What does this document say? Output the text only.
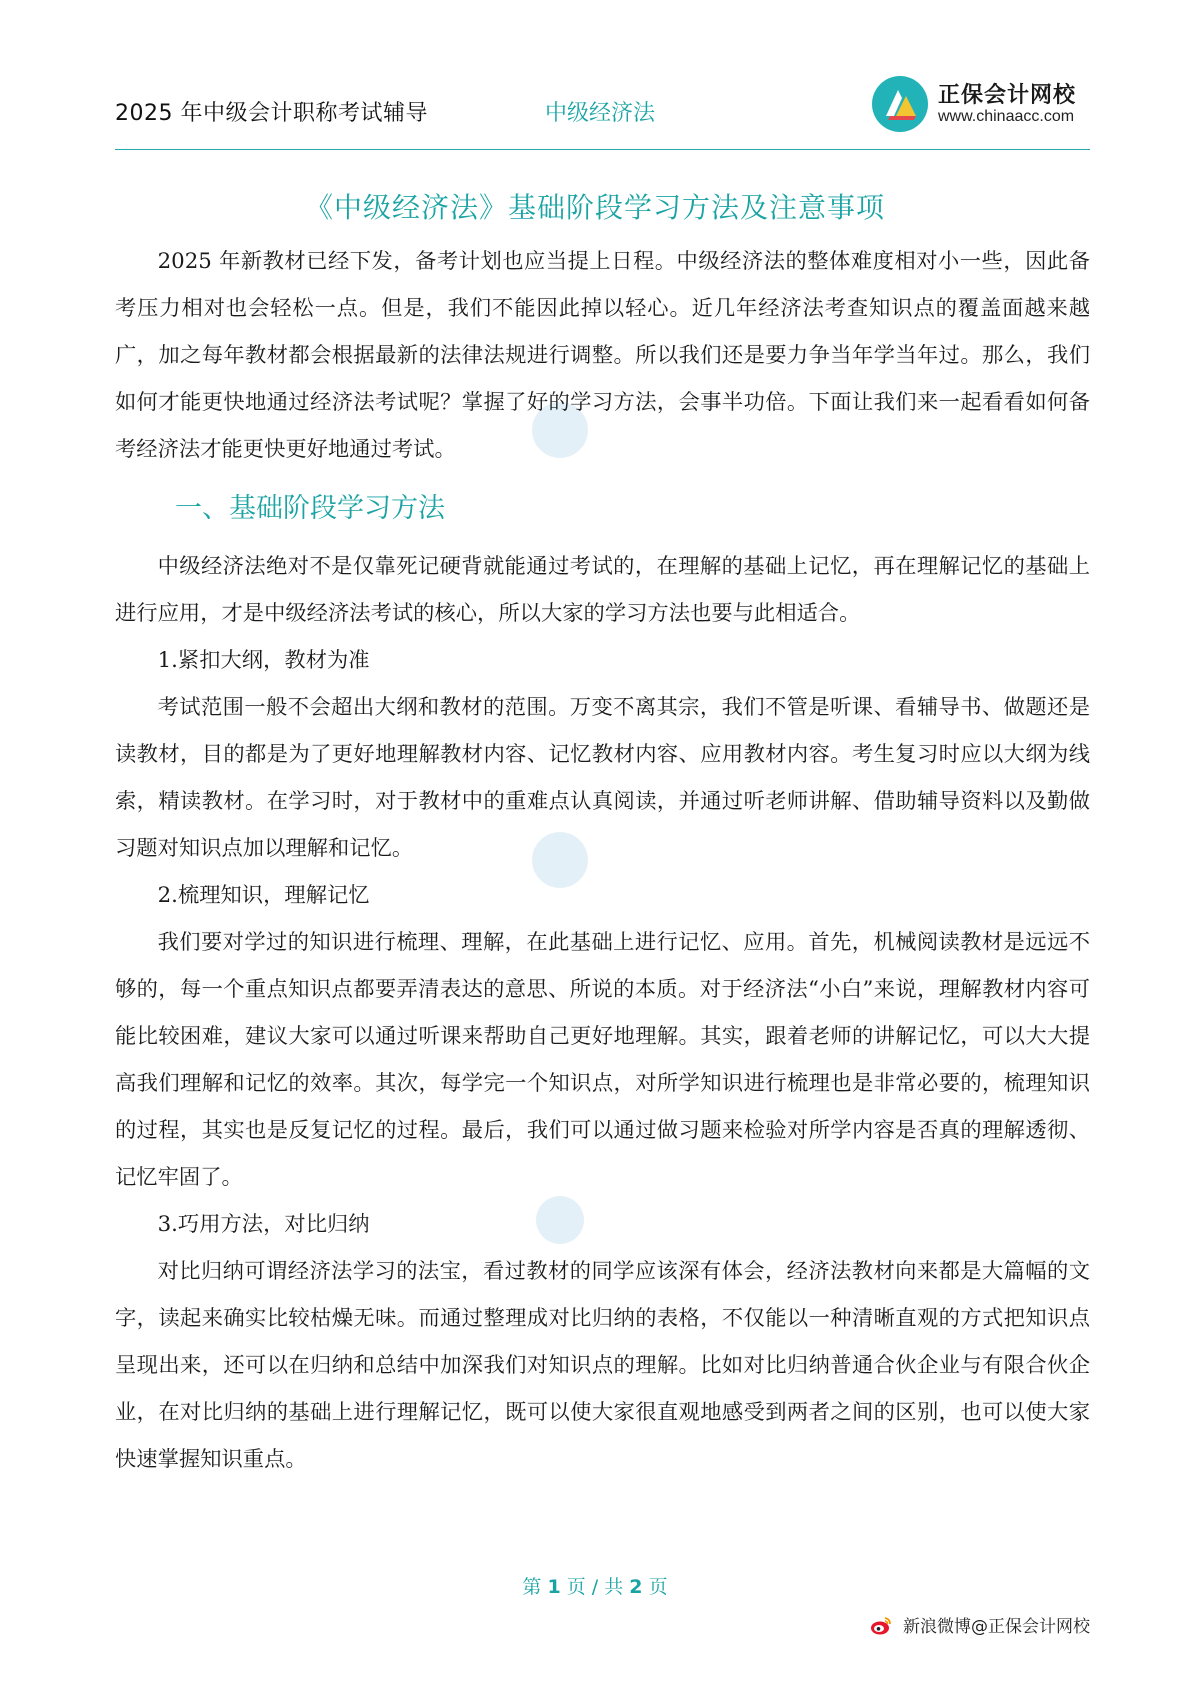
2025 年中级会计职称考试辅导	中级经济法
正保会计网校
www.chinaacc.com
《中级经济法》基础阶段学习方法及注意事项

2025 年新教材已经下发，备考计划也应当提上日程。中级经济法的整体难度相对小一些，因此备考压力相对也会轻松一点。但是，我们不能因此掉以轻心。近几年经济法考查知识点的覆盖面越来越广，加之每年教材都会根据最新的法律法规进行调整。所以我们还是要力争当年学当年过。那么，我们如何才能更快地通过经济法考试呢？掌握了好的学习方法，会事半功倍。下面让我们来一起看看如何备考经济法才能更快更好地通过考试。

一、基础阶段学习方法

中级经济法绝对不是仅靠死记硬背就能通过考试的，在理解的基础上记忆，再在理解记忆的基础上进行应用，才是中级经济法考试的核心，所以大家的学习方法也要与此相适合。

1.紧扣大纲，教材为准

考试范围一般不会超出大纲和教材的范围。万变不离其宗，我们不管是听课、看辅导书、做题还是读教材，目的都是为了更好地理解教材内容、记忆教材内容、应用教材内容。考生复习时应以大纲为线索，精读教材。在学习时，对于教材中的重难点认真阅读，并通过听老师讲解、借助辅导资料以及勤做习题对知识点加以理解和记忆。

2.梳理知识，理解记忆

我们要对学过的知识进行梳理、理解，在此基础上进行记忆、应用。首先，机械阅读教材是远远不够的，每一个重点知识点都要弄清表达的意思、所说的本质。对于经济法“小白”来说，理解教材内容可能比较困难，建议大家可以通过听课来帮助自己更好地理解。其实，跟着老师的讲解记忆，可以大大提高我们理解和记忆的效率。其次，每学完一个知识点，对所学知识进行梳理也是非常必要的，梳理知识的过程，其实也是反复记忆的过程。最后，我们可以通过做习题来检验对所学内容是否真的理解透彻、记忆牢固了。

3.巧用方法，对比归纳

对比归纳可谓经济法学习的法宝，看过教材的同学应该深有体会，经济法教材向来都是大篇幅的文字，读起来确实比较枯燥无味。而通过整理成对比归纳的表格，不仅能以一种清晰直观的方式把知识点呈现出来，还可以在归纳和总结中加深我们对知识点的理解。比如对比归纳普通合伙企业与有限合伙企业，在对比归纳的基础上进行理解记忆，既可以使大家很直观地感受到两者之间的区别，也可以使大家快速掌握知识重点。

第 1 页 / 共 2 页
新浪微博@正保会计网校
